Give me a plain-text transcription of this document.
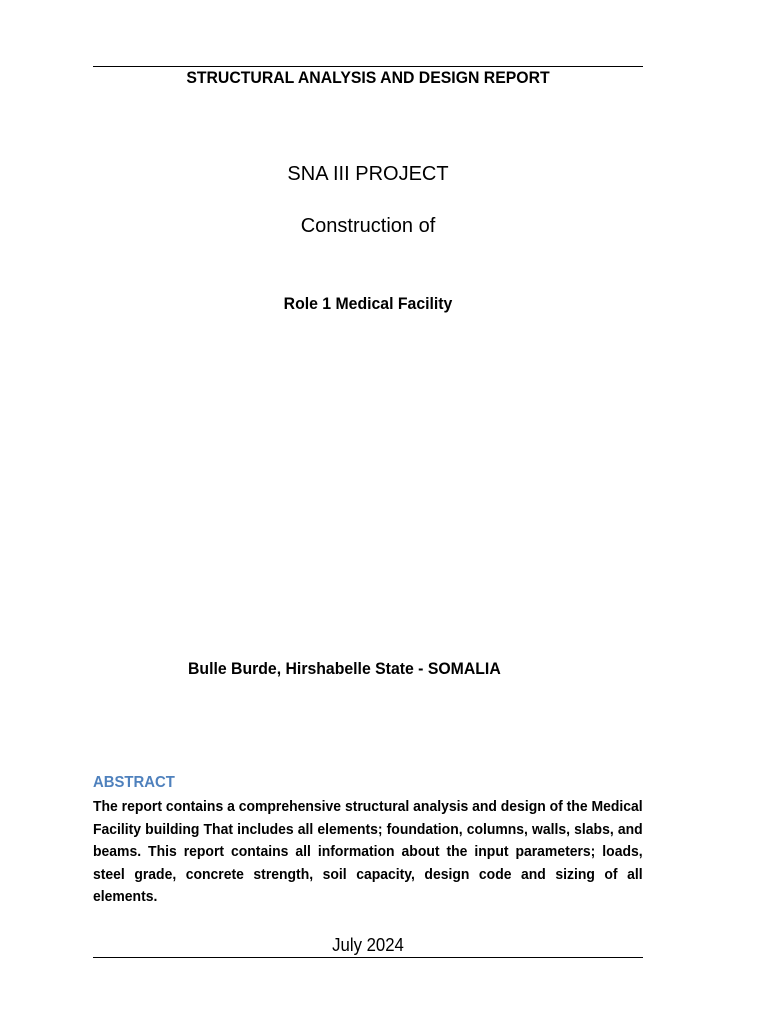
STRUCTURAL ANALYSIS AND DESIGN REPORT
SNA III PROJECT
Construction of
Role 1 Medical Facility
Bulle Burde, Hirshabelle State - SOMALIA
ABSTRACT
The report contains a comprehensive structural analysis and design of the Medical Facility building That includes all elements; foundation, columns, walls, slabs, and beams. This report contains all information about the input parameters; loads, steel grade, concrete strength, soil capacity, design code and sizing of all elements.
July 2024
